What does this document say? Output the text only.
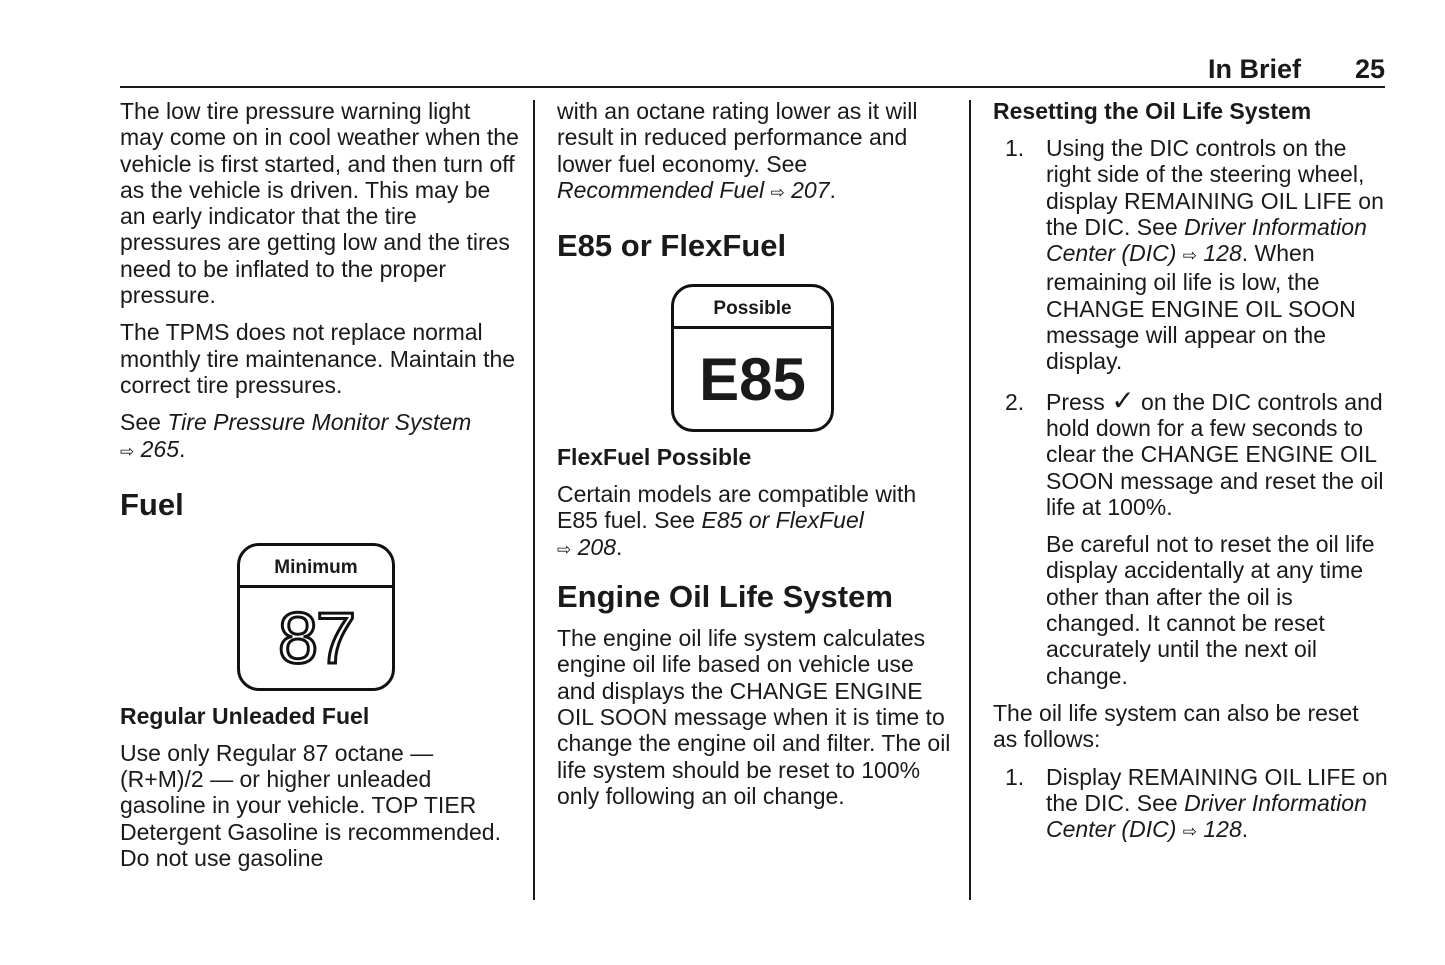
In Brief 25

The low tire pressure warning light may come on in cool weather when the vehicle is first started, and then turn off as the vehicle is driven. This may be an early indicator that the tire pressures are getting low and the tires need to be inflated to the proper pressure.

The TPMS does not replace normal monthly tire maintenance. Maintain the correct tire pressures.

See Tire Pressure Monitor System
⇨ 265.

Fuel
Minimum
87
Regular Unleaded Fuel

Use only Regular 87 octane — (R+M)/2 — or higher unleaded gasoline in your vehicle. TOP TIER Detergent Gasoline is recommended. Do not use gasoline

with an octane rating lower as it will result in reduced performance and lower fuel economy. See Recommended Fuel ⇨ 207.

E85 or FlexFuel
Possible
E85
FlexFuel Possible

Certain models are compatible with E85 fuel. See E85 or FlexFuel
⇨ 208.

Engine Oil Life System

The engine oil life system calculates engine oil life based on vehicle use and displays the CHANGE ENGINE OIL SOON message when it is time to change the engine oil and filter. The oil life system should be reset to 100% only following an oil change.

Resetting the Oil Life System
1. Using the DIC controls on the right side of the steering wheel, display REMAINING OIL LIFE on the DIC. See Driver Information Center (DIC) ⇨ 128. When remaining oil life is low, the CHANGE ENGINE OIL SOON message will appear on the display.
2. Press ✓ on the DIC controls and hold down for a few seconds to clear the CHANGE ENGINE OIL SOON message and reset the oil life at 100%.

Be careful not to reset the oil life display accidentally at any time other than after the oil is changed. It cannot be reset accurately until the next oil change.

The oil life system can also be reset as follows:

1. Display REMAINING OIL LIFE on the DIC. See Driver Information Center (DIC) ⇨ 128.
